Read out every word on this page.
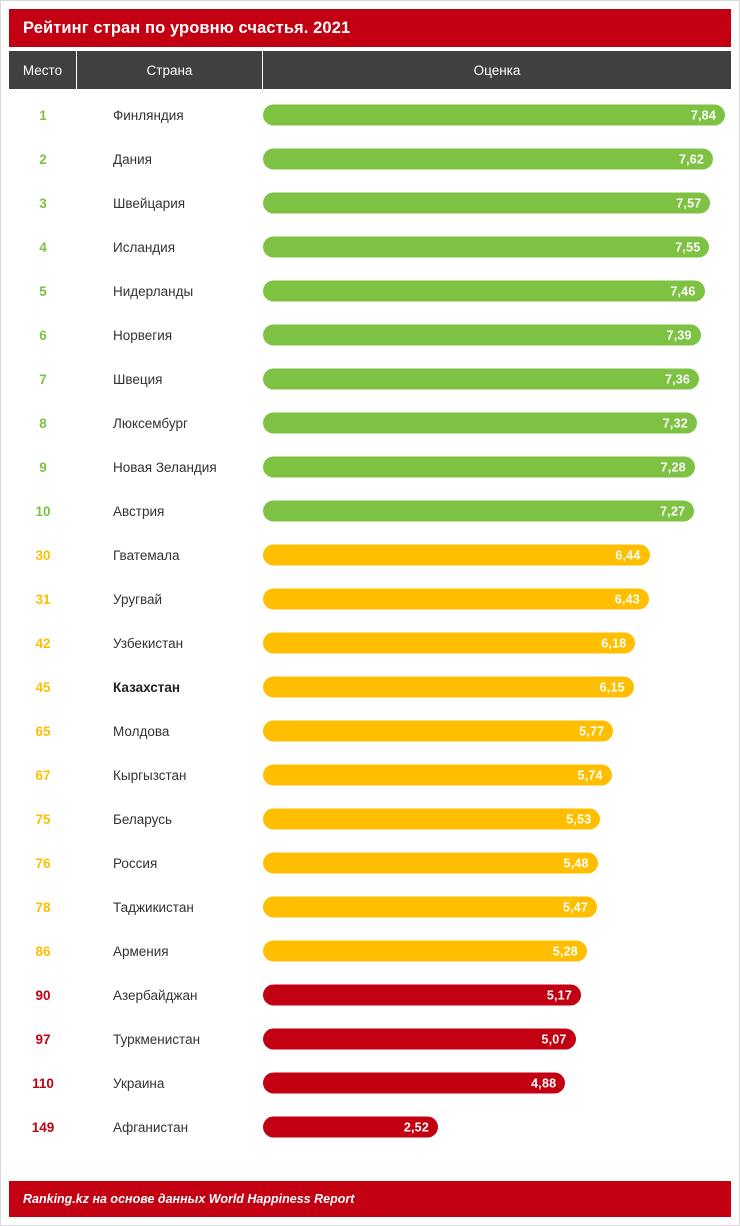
Рейтинг стран по уровню счастья. 2021
Место	Страна	Оценка
1	Финляндия	7,84
2	Дания	7,62
3	Швейцария	7,57
4	Исландия	7,55
5	Нидерланды	7,46
6	Норвегия	7,39
7	Швеция	7,36
8	Люксембург	7,32
9	Новая Зеландия	7,28
10	Австрия	7,27
30	Гватемала	6,44
31	Уругвай	6,43
42	Узбекистан	6,18
45	Казахстан	6,15
65	Молдова	5,77
67	Кыргызстан	5,74
75	Беларусь	5,53
76	Россия	5,48
78	Таджикистан	5,47
86	Армения	5,28
90	Азербайджан	5,17
97	Туркменистан	5,07
110	Украина	4,88
149	Афганистан	2,52
Ranking.kz на основе данных World Happiness Report
